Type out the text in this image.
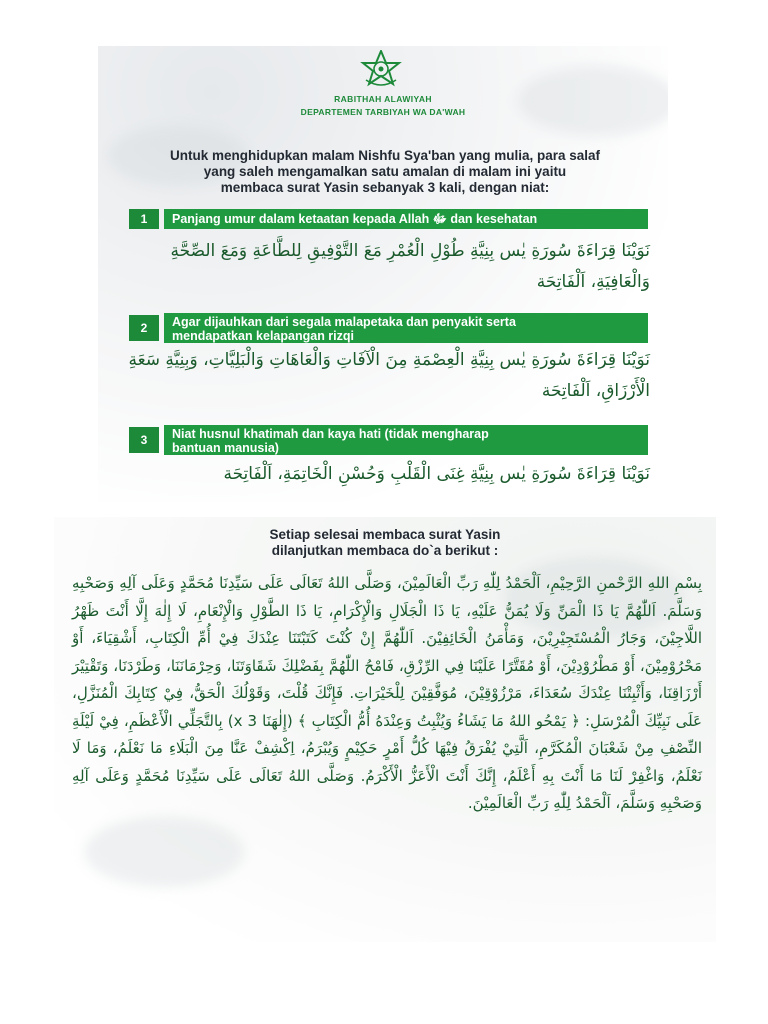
RABITHAH ALAWIYAH
DEPARTEMEN TARBIYAH WA DA'WAH
Untuk menghidupkan malam Nishfu Sya'ban yang mulia, para salaf
yang saleh mengamalkan satu amalan di malam ini yaitu
membaca surat Yasin sebanyak 3 kali, dengan niat:
1	Panjang umur dalam ketaatan kepada Allah ﷻ dan kesehatan
نَوَيْنَا قِرَاءَةَ سُورَةِ يٰس بِنِيَّةِ طُوْلِ الْعُمْرِ مَعَ التَّوْفِيقِ لِلطَّاعَةِ وَمَعَ الصِّحَّةِ وَالْعَافِيَةِ، اَلْفَاتِحَة
2	Agar dijauhkan dari segala malapetaka dan penyakit serta
mendapatkan kelapangan rizqi
نَوَيْنَا قِرَاءَةَ سُورَةِ يٰس بِنِيَّةِ الْعِصْمَةِ مِنَ الْآفَاتِ وَالْعَاهَاتِ وَالْبَلِيَّاتِ، وَبِنِيَّةِ سَعَةِ الْأَرْزَاقِ، اَلْفَاتِحَة
3	Niat husnul khatimah dan kaya hati (tidak mengharap
bantuan manusia)
نَوَيْنَا قِرَاءَةَ سُورَةِ يٰس بِنِيَّةِ غِنَى الْقَلْبِ وَحُسْنِ الْخَاتِمَةِ، اَلْفَاتِحَة
Setiap selesai membaca surat Yasin
dilanjutkan membaca do`a berikut :
بِسْمِ اللهِ الرَّحْمنِ الرَّحِيْمِ، اَلْحَمْدُ لِلّٰهِ رَبِّ الْعَالَمِيْنَ، وَصَلَّى اللهُ تَعَالَى عَلَى سَيِّدِنَا مُحَمَّدٍ وَعَلَى آلِهِ وَصَحْبِهِ وَسَلَّمَ. اَللّٰهُمَّ يَا ذَا الْمَنِّ وَلَا يُمَنُّ عَلَيْهِ، يَا ذَا الْجَلَالِ وَالْإِكْرَامِ، يَا ذَا الطَّوْلِ وَالْإِنْعَامِ، لَا إِلٰهَ إِلَّا أَنْتَ ظَهْرُ اللَّاجِيْنَ، وَجَارُ الْمُسْتَجِيْرِيْنَ، وَمَأْمَنُ الْخَائِفِيْنَ. اَللّٰهُمَّ إِنْ كُنْتَ كَتَبْتَنَا عِنْدَكَ فِيْ أُمِّ الْكِتَابِ، أَشْقِيَاءَ، أَوْ مَحْرُوْمِيْنَ، أَوْ مَطْرُوْدِيْنَ، أَوْ مُقَتَّرًا عَلَيْنَا فِي الرِّزْقِ، فَامْحُ اللّٰهُمَّ بِفَضْلِكَ شَقَاوَتَنَا، وَحِرْمَانَنَا، وَطَرْدَنَا، وَتَقْتِيْرَ أَرْزَاقِنَا، وَأَثْبِتْنَا عِنْدَكَ سُعَدَاءَ، مَرْزُوْقِيْنَ، مُوَفَّقِيْنَ لِلْخَيْرَاتِ. فَإِنَّكَ قُلْتَ، وَقَوْلُكَ الْحَقُّ، فِيْ كِتَابِكَ الْمُنَزَّلِ، عَلَى نَبِيِّكَ الْمُرْسَلِ: ﴿ يَمْحُو اللهُ مَا يَشَاءُ وَيُثْبِتُ وَعِنْدَهُ أُمُّ الْكِتَابِ ﴾ (إِلٰهَنَا x 3) بِالتَّجَلِّي الْأَعْظَمِ، فِيْ لَيْلَةِ النِّصْفِ مِنْ شَعْبَانَ الْمُكَرَّمِ، اَلَّتِيْ يُفْرَقُ فِيْهَا كُلُّ أَمْرٍ حَكِيْمٍ وَيُبْرَمُ، اِكْشِفْ عَنَّا مِنَ الْبَلَاءِ مَا نَعْلَمُ، وَمَا لَا نَعْلَمُ، وَاغْفِرْ لَنَا مَا أَنْتَ بِهِ أَعْلَمُ، إِنَّكَ أَنْتَ الْأَعَزُّ الْأَكْرَمُ. وَصَلَّى اللهُ تَعَالَى عَلَى سَيِّدِنَا مُحَمَّدٍ وَعَلَى آلِهِ وَصَحْبِهِ وَسَلَّمَ، اَلْحَمْدُ لِلّٰهِ رَبِّ الْعَالَمِيْنَ.
